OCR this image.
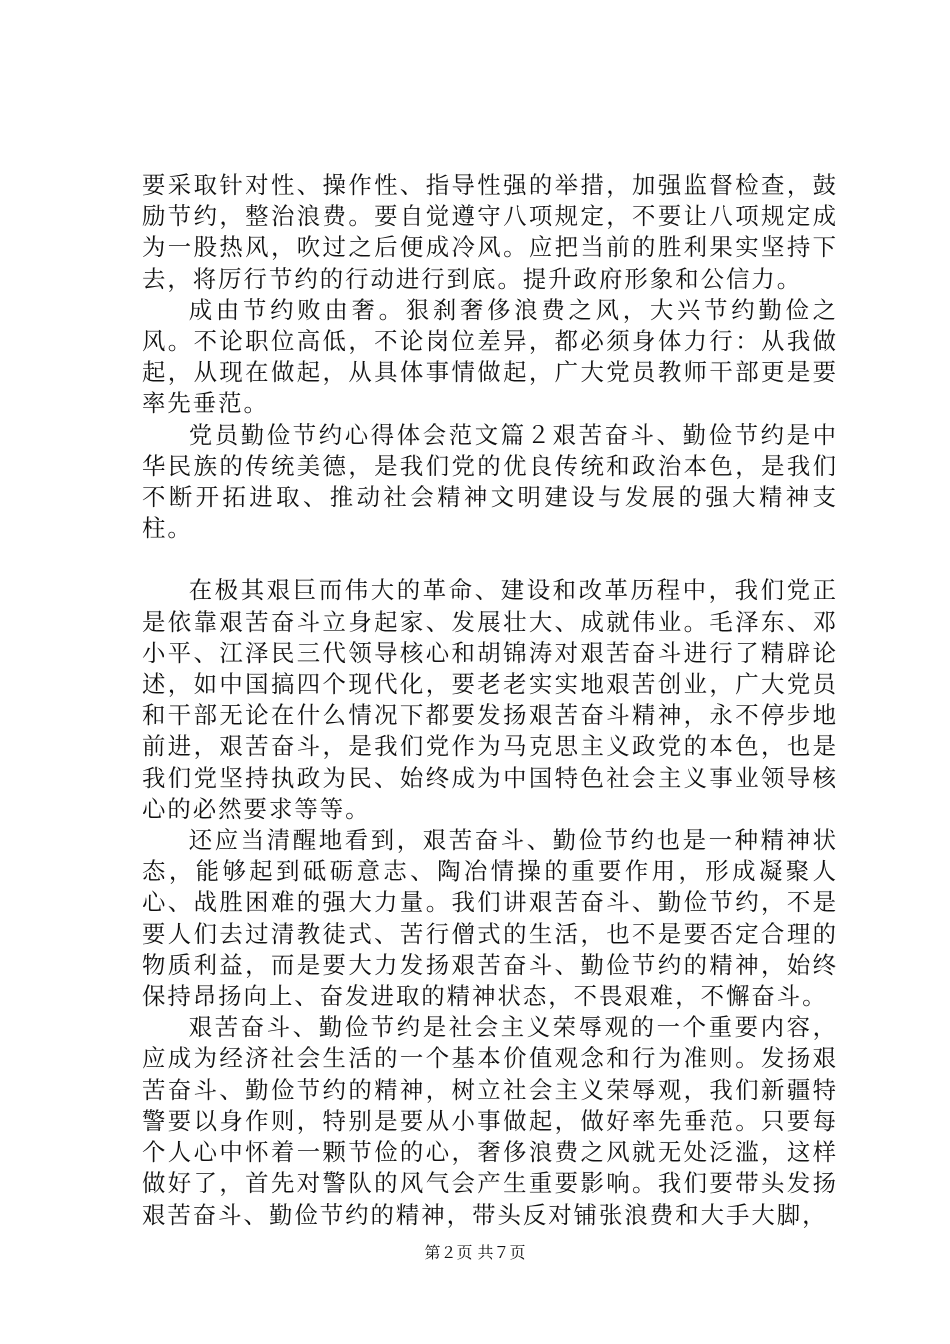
要采取针对性、操作性、指导性强的举措，加强监督检查，鼓励节约，整治浪费。要自觉遵守八项规定，不要让八项规定成为一股热风，吹过之后便成冷风。应把当前的胜利果实坚持下去，将厉行节约的行动进行到底。提升政府形象和公信力。

成由节约败由奢。狠刹奢侈浪费之风，大兴节约勤俭之风。不论职位高低，不论岗位差异，都必须身体力行：从我做起，从现在做起，从具体事情做起，广大党员教师干部更是要率先垂范。

党员勤俭节约心得体会范文篇２艰苦奋斗、勤俭节约是中华民族的传统美德，是我们党的优良传统和政治本色，是我们不断开拓进取、推动社会精神文明建设与发展的强大精神支柱。

在极其艰巨而伟大的革命、建设和改革历程中，我们党正是依靠艰苦奋斗立身起家、发展壮大、成就伟业。毛泽东、邓小平、江泽民三代领导核心和胡锦涛对艰苦奋斗进行了精辟论述，如中国搞四个现代化，要老老实实地艰苦创业，广大党员和干部无论在什么情况下都要发扬艰苦奋斗精神，永不停步地前进，艰苦奋斗，是我们党作为马克思主义政党的本色，也是我们党坚持执政为民、始终成为中国特色社会主义事业领导核心的必然要求等等。

还应当清醒地看到，艰苦奋斗、勤俭节约也是一种精神状态，能够起到砥砺意志、陶冶情操的重要作用，形成凝聚人心、战胜困难的强大力量。我们讲艰苦奋斗、勤俭节约，不是要人们去过清教徒式、苦行僧式的生活，也不是要否定合理的物质利益，而是要大力发扬艰苦奋斗、勤俭节约的精神，始终保持昂扬向上、奋发进取的精神状态，不畏艰难，不懈奋斗。

艰苦奋斗、勤俭节约是社会主义荣辱观的一个重要内容，应成为经济社会生活的一个基本价值观念和行为准则。发扬艰苦奋斗、勤俭节约的精神，树立社会主义荣辱观，我们新疆特警要以身作则，特别是要从小事做起，做好率先垂范。只要每个人心中怀着一颗节俭的心，奢侈浪费之风就无处泛滥，这样做好了，首先对警队的风气会产生重要影响。我们要带头发扬艰苦奋斗、勤俭节约的精神，带头反对铺张浪费和大手大脚，

第２页 共７页
